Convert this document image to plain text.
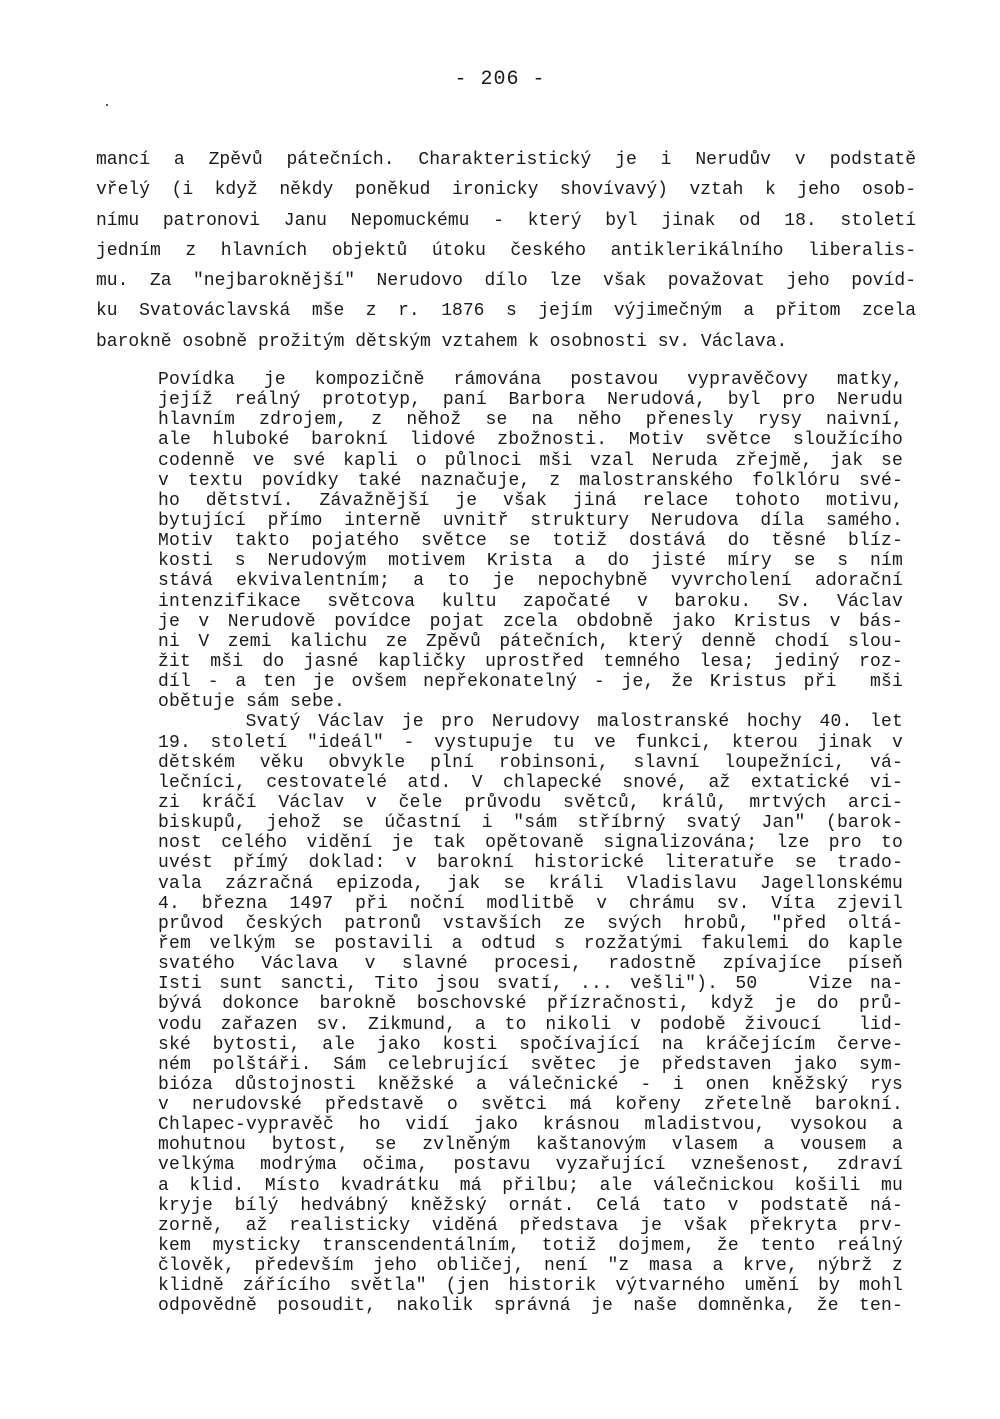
- 206 -
mancí a Zpěvů pátečních. Charakteristický je i Nerudův v podstatě
vřelý (i když někdy poněkud ironicky shovívavý) vztah k jeho osob-
nímu patronovi Janu Nepomuckému - který byl jinak od 18. století
jedním z hlavních objektů útoku českého antiklerikálního liberalis-
mu. Za "nejbaroknější" Nerudovo dílo lze však považovat jeho povíd-
ku Svatováclavská mše z r. 1876 s jejím výjimečným a přitom zcela
barokně osobně prožitým dětským vztahem k osobnosti sv. Václava.
Povídka je kompozičně rámována postavou vypravěčovy matky,
jejíž reálný prototyp, paní Barbora Nerudová, byl pro Nerudu
hlavním zdrojem, z něhož se na něho přenesly rysy naivní,
ale hluboké barokní lidové zbožnosti. Motiv světce sloužícího
codenně ve své kapli o půlnoci mši vzal Neruda zřejmě, jak se
v textu povídky také naznačuje, z malostranského folklóru své-
ho dětství. Závažnější je však jiná relace tohoto motivu,
bytující přímo interně uvnitř struktury Nerudova díla samého.
Motiv takto pojatého světce se totiž dostává do těsné blíz-
kosti s Nerudovým motivem Krista a do jisté míry se s ním
stává ekvivalentním; a to je nepochybně vyvrcholení adorační
intenzifikace světcova kultu započaté v baroku. Sv. Václav
je v Nerudově povídce pojat zcela obdobně jako Kristus v bás-
ni V zemi kalichu ze Zpěvů pátečních, který denně chodí slou-
žit mši do jasné kapličky uprostřed temného lesa; jediný roz-
díl - a ten je ovšem nepřekonatelný - je, že Kristus při  mši
obětuje sám sebe.
Svatý Václav je pro Nerudovy malostranské hochy 40. let
19. století "ideál" - vystupuje tu ve funkci, kterou jinak v
dětském věku obvykle plní robinsoni, slavní loupežníci, vá-
lečníci, cestovatelé atd. V chlapecké snové, až extatické vi-
zi kráčí Václav v čele průvodu světců, králů, mrtvých arci-
biskupů, jehož se účastní i "sám stříbrný svatý Jan" (barok-
nost celého vidění je tak opětovaně signalizována; lze pro to
uvést přímý doklad: v barokní historické literatuře se trado-
vala zázračná epizoda, jak se králi Vladislavu Jagellonskému
4. března 1497 při noční modlitbě v chrámu sv. Víta zjevil
průvod českých patronů vstavších ze svých hrobů, "před oltá-
řem velkým se postavili a odtud s rozžatými fakulemi do kaple
svatého Václava v slavné procesi, radostně zpívajíce píseň
Isti sunt sancti, Tito jsou svatí, ... vešli"). 50   Vize na-
bývá dokonce barokně boschovské přízračnosti, když je do prů-
vodu zařazen sv. Zikmund, a to nikoli v podobě živoucí  lid-
ské bytosti, ale jako kosti spočívající na kráčejícím červe-
ném polštáři. Sám celebrující světec je představen jako sym-
bióza důstojnosti kněžské a válečnické - i onen kněžský rys
v nerudovské představě o světci má kořeny zřetelně barokní.
Chlapec-vypravěč ho vidí jako krásnou mladistvou, vysokou a
mohutnou bytost, se zvlněným kaštanovým vlasem a vousem a
velkýma modrýma očima, postavu vyzařující vznešenost, zdraví
a klid. Místo kvadrátku má přilbu; ale válečnickou košili mu
kryje bílý hedvábný kněžský ornát. Celá tato v podstatě ná-
zorně, až realisticky viděná představa je však překryta prv-
kem mysticky transcendentálním, totiž dojmem, že tento reálný
člověk, především jeho obličej, není "z masa a krve, nýbrž z
klidně zářícího světla" (jen historik výtvarného umění by mohl
odpovědně posoudit, nakolik správná je naše domněnka, že ten-
